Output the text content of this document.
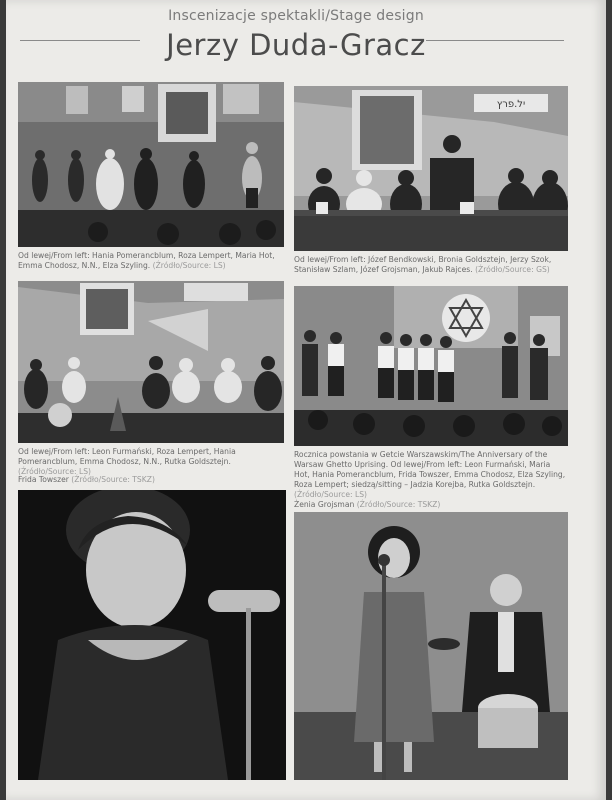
Inscenizacje spektakli/Stage design
Jerzy Duda-Gracz
Od lewej/From left: Hania Pomerancblum, Roza Lempert, Maria Hot, Emma Chodosz, N.N., Elza Szyling. (Źródło/Source: LS)
יל.פרץ
Od lewej/From left: Józef Bendkowski, Bronia Goldsztejn, Jerzy Szok, Stanisław Szlam, Józef Grojsman, Jakub Rajces. (Źródło/Source: GS)
Od lewej/From left: Leon Furmański, Roza Lempert, Hania Pomerancblum, Emma Chodosz, N.N., Rutka Goldsztejn. (Źródło/Source: LS)
Rocznica powstania w Getcie Warszawskim/The Anniversary of the Warsaw Ghetto Uprising. Od lewej/From left: Leon Furmański, Maria Hot, Hania Pomerancblum, Frida Towszer, Emma Chodosz, Elza Szyling, Roza Lempert; siedzą/sitting – Jadzia Korejba, Rutka Goldsztejn. (Źródło/Source: LS)
Frida Towszer (Źródło/Source: TSKZ)
Żenia Grojsman (Źródło/Source: TSKZ)
